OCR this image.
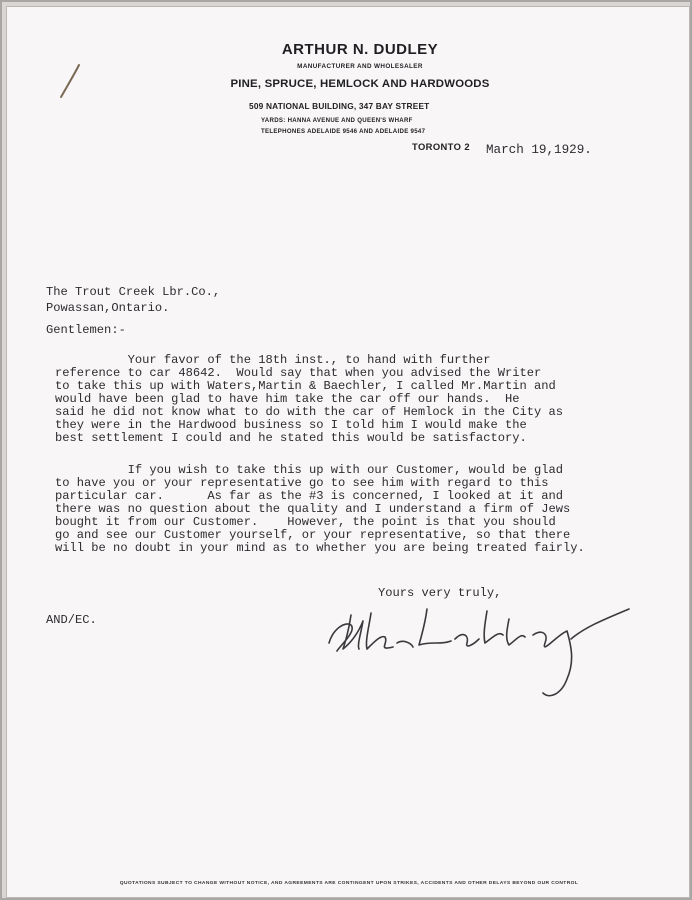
ARTHUR N. DUDLEY
MANUFACTURER AND WHOLESALER
PINE, SPRUCE, HEMLOCK AND HARDWOODS
509 NATIONAL BUILDING, 347 BAY STREET
YARDS: HANNA AVENUE AND QUEEN'S WHARF
TELEPHONES ADELAIDE 9546 AND ADELAIDE 9547
TORONTO 2 March 19,1929.
The Trout Creek Lbr.Co.,
Powassan,Ontario.
Gentlemen:-
Your favor of the 18th inst., to hand with further
reference to car 48642.  Would say that when you advised the Writer
to take this up with Waters,Martin & Baechler, I called Mr.Martin and
would have been glad to have him take the car off our hands.  He
said he did not know what to do with the car of Hemlock in the City as
they were in the Hardwood business so I told him I would make the
best settlement I could and he stated this would be satisfactory.
If you wish to take this up with our Customer, would be glad
to have you or your representative go to see him with regard to this
particular car.      As far as the #3 is concerned, I looked at it and
there was no question about the quality and I understand a firm of Jews
bought it from our Customer.    However, the point is that you should
go and see our Customer yourself, or your representative, so that there
will be no doubt in your mind as to whether you are being treated fairly.
Yours very truly,
AND/EC.
QUOTATIONS SUBJECT TO CHANGE WITHOUT NOTICE, AND AGREEMENTS ARE CONTINGENT UPON STRIKES, ACCIDENTS AND OTHER DELAYS BEYOND OUR CONTROL
